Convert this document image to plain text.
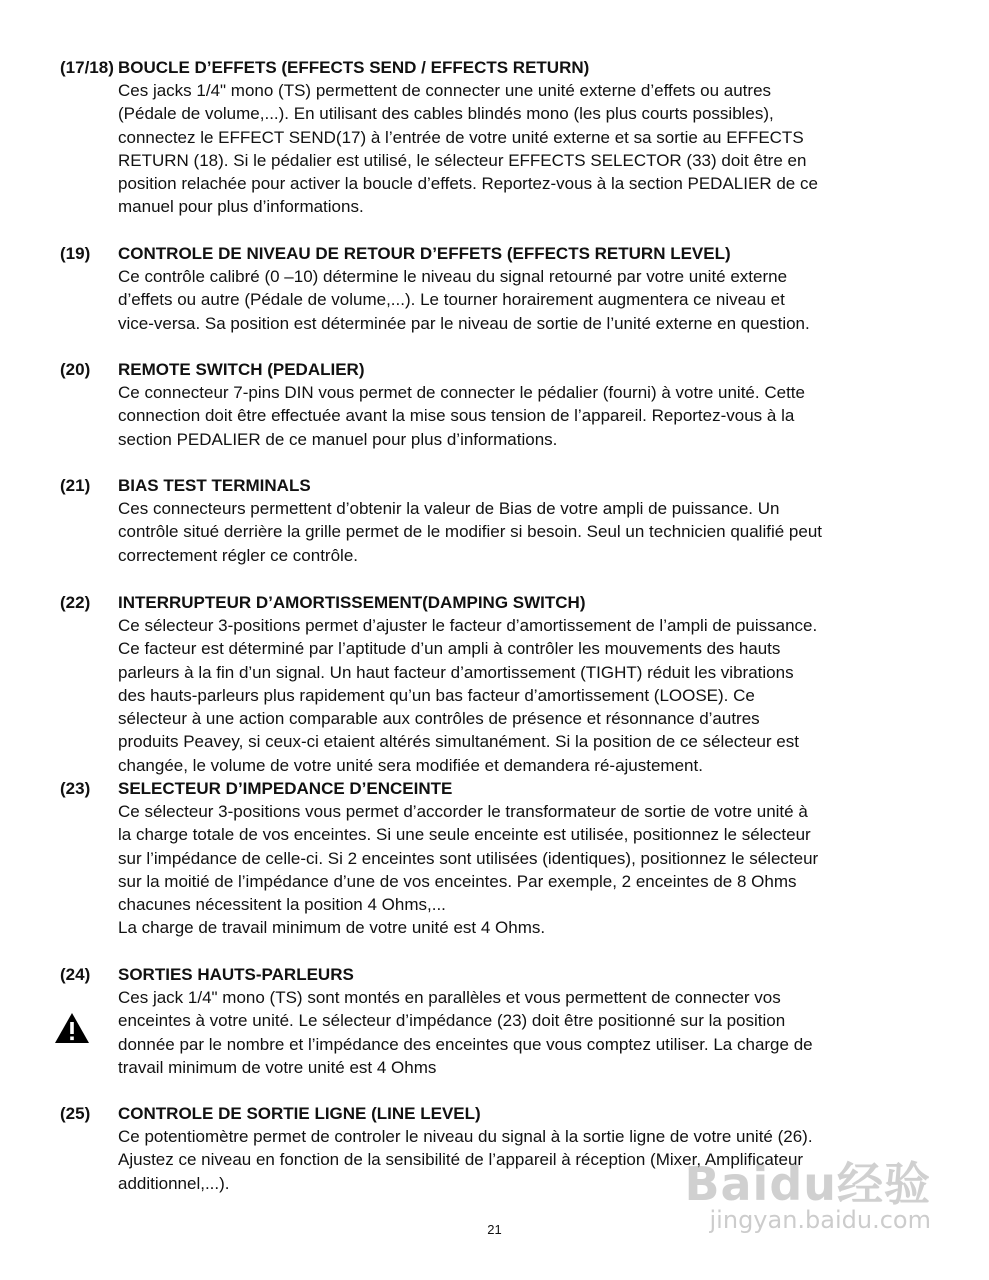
(17/18) BOUCLE D’EFFETS (EFFECTS SEND / EFFECTS RETURN)
Ces jacks 1/4" mono (TS) permettent de connecter une unité externe d’effets ou autres
(Pédale de volume,...). En utilisant des cables blindés mono (les plus courts possibles),
connectez le EFFECT SEND(17) à l’entrée de votre unité externe et sa sortie au EFFECTS
RETURN (18). Si le pédalier est utilisé, le sélecteur EFFECTS SELECTOR (33) doit être en
position relachée pour activer la boucle d’effets. Reportez-vous à la section PEDALIER de ce
manuel pour plus d’informations.
(19) CONTROLE DE NIVEAU DE RETOUR D’EFFETS (EFFECTS RETURN LEVEL)
Ce contrôle calibré (0 –10) détermine le niveau du signal retourné par votre unité externe
d’effets ou autre (Pédale de volume,...). Le tourner horairement augmentera ce niveau et
vice-versa. Sa position est déterminée par le niveau de sortie de l’unité externe en question.
(20) REMOTE SWITCH (PEDALIER)
Ce connecteur 7-pins DIN vous permet de connecter le pédalier (fourni) à votre unité. Cette
connection doit être effectuée avant la mise sous tension de l’appareil. Reportez-vous à la
section PEDALIER de ce manuel pour plus d’informations.
(21) BIAS TEST TERMINALS
Ces connecteurs permettent d’obtenir la valeur de Bias de votre ampli de puissance. Un
contrôle situé derrière la grille permet de le modifier si besoin. Seul un technicien qualifié peut
correctement régler ce contrôle.
(22) INTERRUPTEUR D’AMORTISSEMENT(DAMPING SWITCH)
Ce sélecteur 3-positions permet d’ajuster le facteur d’amortissement de l’ampli de puissance.
Ce facteur est déterminé par l’aptitude d’un ampli à contrôler les mouvements des hauts
parleurs à la fin d’un signal. Un haut facteur d’amortissement (TIGHT) réduit les vibrations
des hauts-parleurs plus rapidement qu’un bas facteur d’amortissement (LOOSE). Ce
sélecteur à une action comparable aux contrôles de présence et résonnance d’autres
produits Peavey, si ceux-ci etaient altérés simultanément. Si la position de ce sélecteur est
changée, le volume de votre unité sera modifiée et demandera ré-ajustement.
(23) SELECTEUR D’IMPEDANCE D’ENCEINTE
Ce sélecteur 3-positions vous permet d’accorder le transformateur de sortie de votre unité à
la charge totale de vos enceintes. Si une seule enceinte est utilisée, positionnez le sélecteur
sur l’impédance de celle-ci. Si 2 enceintes sont utilisées (identiques), positionnez le sélecteur
sur la moitié de l’impédance d’une de vos enceintes. Par exemple, 2 enceintes de 8 Ohms
chacunes nécessitent la position 4 Ohms,...
La charge de travail minimum de votre unité est 4 Ohms.
(24) SORTIES HAUTS-PARLEURS
Ces jack 1/4" mono (TS) sont montés en parallèles et vous permettent de connecter vos
enceintes à votre unité. Le sélecteur d’impédance (23) doit être positionné sur la position
donnée par le nombre et l’impédance des enceintes que vous comptez utiliser. La charge de
travail minimum de votre unité est 4 Ohms
(25) CONTROLE DE SORTIE LIGNE (LINE LEVEL)
Ce potentiomètre permet de controler le niveau du signal à la sortie ligne de votre unité (26).
Ajustez ce niveau en fonction de la sensibilité de l’appareil à réception (Mixer, Amplificateur
additionnel,...).
21
Baidu经验
jingyan.baidu.com
